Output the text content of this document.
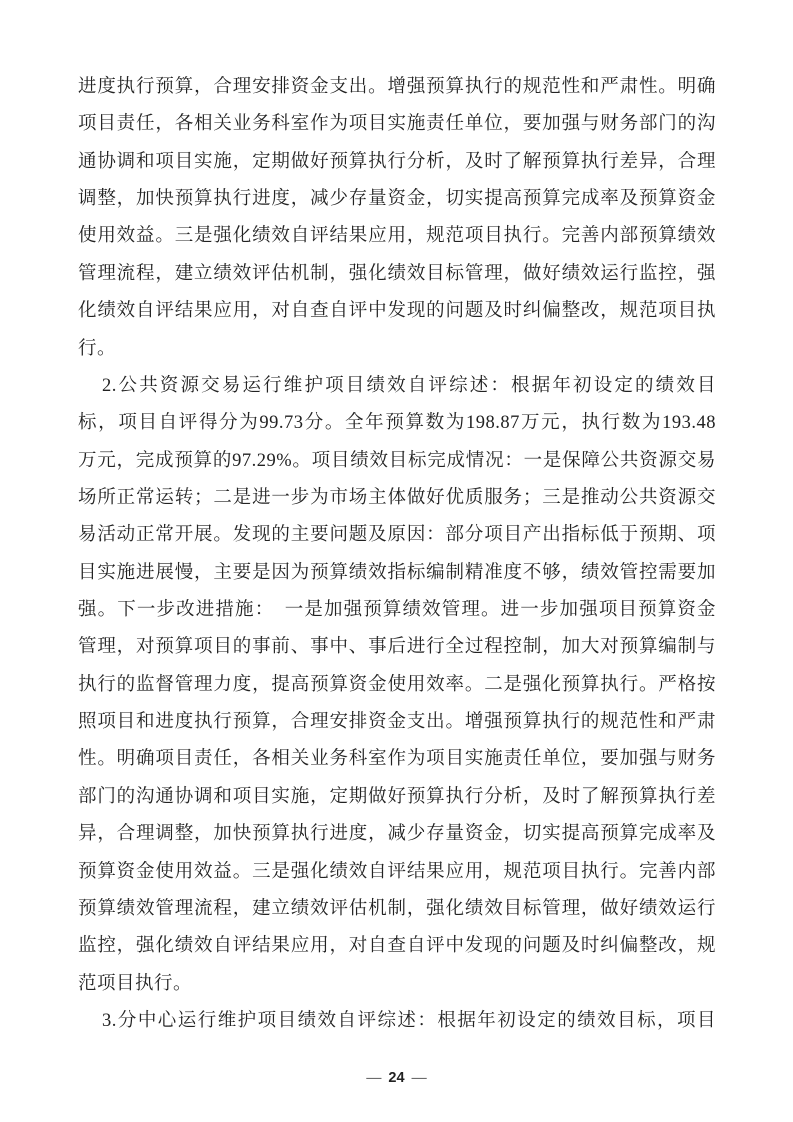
进度执行预算，合理安排资金支出。增强预算执行的规范性和严肃性。明确
项目责任，各相关业务科室作为项目实施责任单位，要加强与财务部门的沟
通协调和项目实施，定期做好预算执行分析，及时了解预算执行差异，合理
调整，加快预算执行进度，减少存量资金，切实提高预算完成率及预算资金
使用效益。三是强化绩效自评结果应用，规范项目执行。完善内部预算绩效
管理流程，建立绩效评估机制，强化绩效目标管理，做好绩效运行监控，强
化绩效自评结果应用，对自查自评中发现的问题及时纠偏整改，规范项目执
行。
2.公共资源交易运行维护项目绩效自评综述：根据年初设定的绩效目
标，项目自评得分为99.73分。全年预算数为198.87万元，执行数为193.48
万元，完成预算的97.29%。项目绩效目标完成情况：一是保障公共资源交易
场所正常运转；二是进一步为市场主体做好优质服务；三是推动公共资源交
易活动正常开展。发现的主要问题及原因：部分项目产出指标低于预期、项
目实施进展慢，主要是因为预算绩效指标编制精准度不够，绩效管控需要加
强。下一步改进措施：　一是加强预算绩效管理。进一步加强项目预算资金
管理，对预算项目的事前、事中、事后进行全过程控制，加大对预算编制与
执行的监督管理力度，提高预算资金使用效率。二是强化预算执行。严格按
照项目和进度执行预算，合理安排资金支出。增强预算执行的规范性和严肃
性。明确项目责任，各相关业务科室作为项目实施责任单位，要加强与财务
部门的沟通协调和项目实施，定期做好预算执行分析，及时了解预算执行差
异，合理调整，加快预算执行进度，减少存量资金，切实提高预算完成率及
预算资金使用效益。三是强化绩效自评结果应用，规范项目执行。完善内部
预算绩效管理流程，建立绩效评估机制，强化绩效目标管理，做好绩效运行
监控，强化绩效自评结果应用，对自查自评中发现的问题及时纠偏整改，规
范项目执行。
3.分中心运行维护项目绩效自评综述：根据年初设定的绩效目标，项目
— 24 —
